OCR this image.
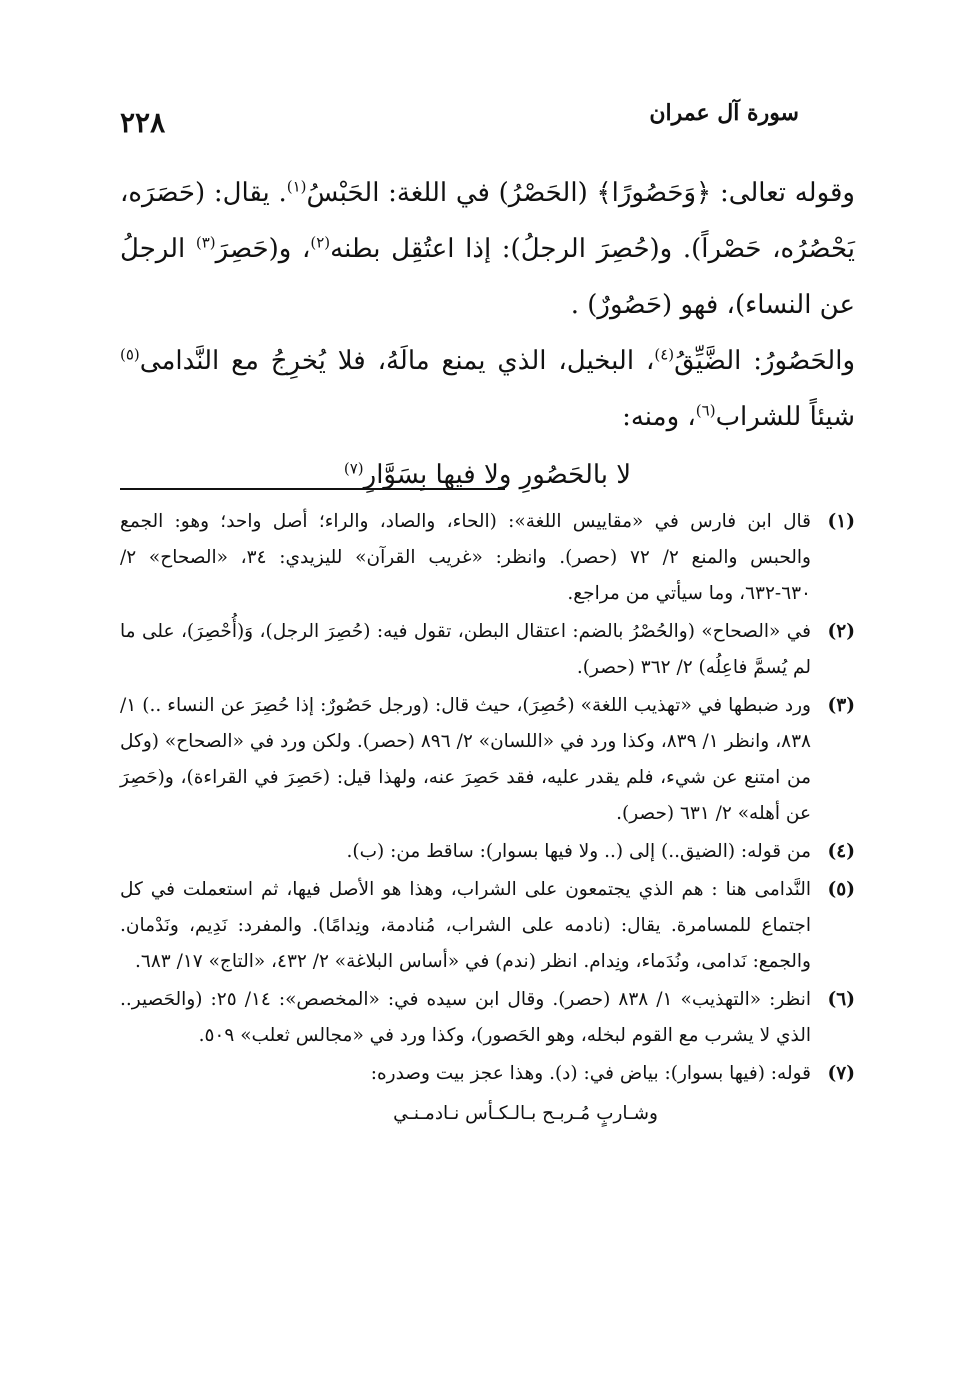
٢٢٨	سورة آل عمران

وقوله تعالى: ﴿وَحَصُورًا﴾ (الحَصْرُ) في اللغة: الحَبْسُ$^{(١)}$. يقال: (حَصَرَه، يَحْصُرُه، حَصْراً). و(حُصِرَ الرجلُ): إذا اعتُقِل بطنه$^{(٢)}$، و(حَصِرَ$^{(٣)}$ الرجلُ عن النساء)، فهو (حَصُورٌ) .

والحَصُورُ: الضَّيِّقُ$^{(٤)}$، البخيل، الذي يمنع مالَهُ، فلا يُخرِجُ مع النَّدامى$^{(٥)}$ شيئاً للشراب$^{(٦)}$، ومنه:

لا بالحَصُورِ ولا فيها بِسَوَّارِ$^{(٧)}$

(١)

قال ابن فارس في «مقاييس اللغة»: (الحاء، والصاد، والراء؛ أصل واحد؛ وهو: الجمع والحبس والمنع ٢/ ٧٢ (حصر). وانظر: «غريب القرآن» لليزيدي: ٣٤، «الصحاح» ٢/ ٦٣٠-٦٣٢، وما سيأتي من مراجع.

(٢)

في «الصحاح» (والحُصْرُ بالضم: اعتقال البطن، تقول فيه: (حُصِرَ الرجل)، وَ(أُحْصِرَ)، على ما لم يُسمَّ فاعِلُه) ٢/ ٣٦٢ (حصر).

(٣)

ورد ضبطها في «تهذيب اللغة» (حُصِرَ)، حيث قال: (ورجل حَصُورٌ: إذا حُصِرَ عن النساء ..) ١/ ٨٣٨، وانظر ١/ ٨٣٩، وكذا ورد في «اللسان» ٢/ ٨٩٦ (حصر). ولكن ورد في «الصحاح» (وكل من امتنع عن شيء، فلم يقدر عليه، فقد حَصِرَ عنه، ولهذا قيل: (حَصِرَ في القراءة)، و(حَصِرَ عن أهله» ٢/ ٦٣١ (حصر).

(٤)

من قوله: (الضيق..) إلى (.. ولا فيها بسوار): ساقط من: (ب).

(٥)

النَّدامى هنا : هم الذي يجتمعون على الشراب، وهذا هو الأصل فيها، ثم استعملت في كل اجتماع للمسامرة. يقال: (نادمه على الشراب، مُنادمة، ونِدامًا). والمفرد: نَدِيم، ونَدْمان. والجمع: نَدامى، ونُدَماء، ونِدام. انظر (ندم) في «أساس البلاغة» ٢/ ٤٣٢، «التاج» ١٧/ ٦٨٣.

(٦)

انظر: «التهذيب» ١/ ٨٣٨ (حصر). وقال ابن سيده في: «المخصص»: ١٤/ ٢٥: (والحَصير.. الذي لا يشرب مع القوم لبخله، وهو الحَصور)، وكذا ورد في «مجالس ثعلب» ٥٠٩.

(٧)

قوله: (فيها بسوار): بياض في: (د). وهذا عجز بيت وصدره:

وشـاربٍ مُـربـح بـالـكـأس نـادمـنـي
